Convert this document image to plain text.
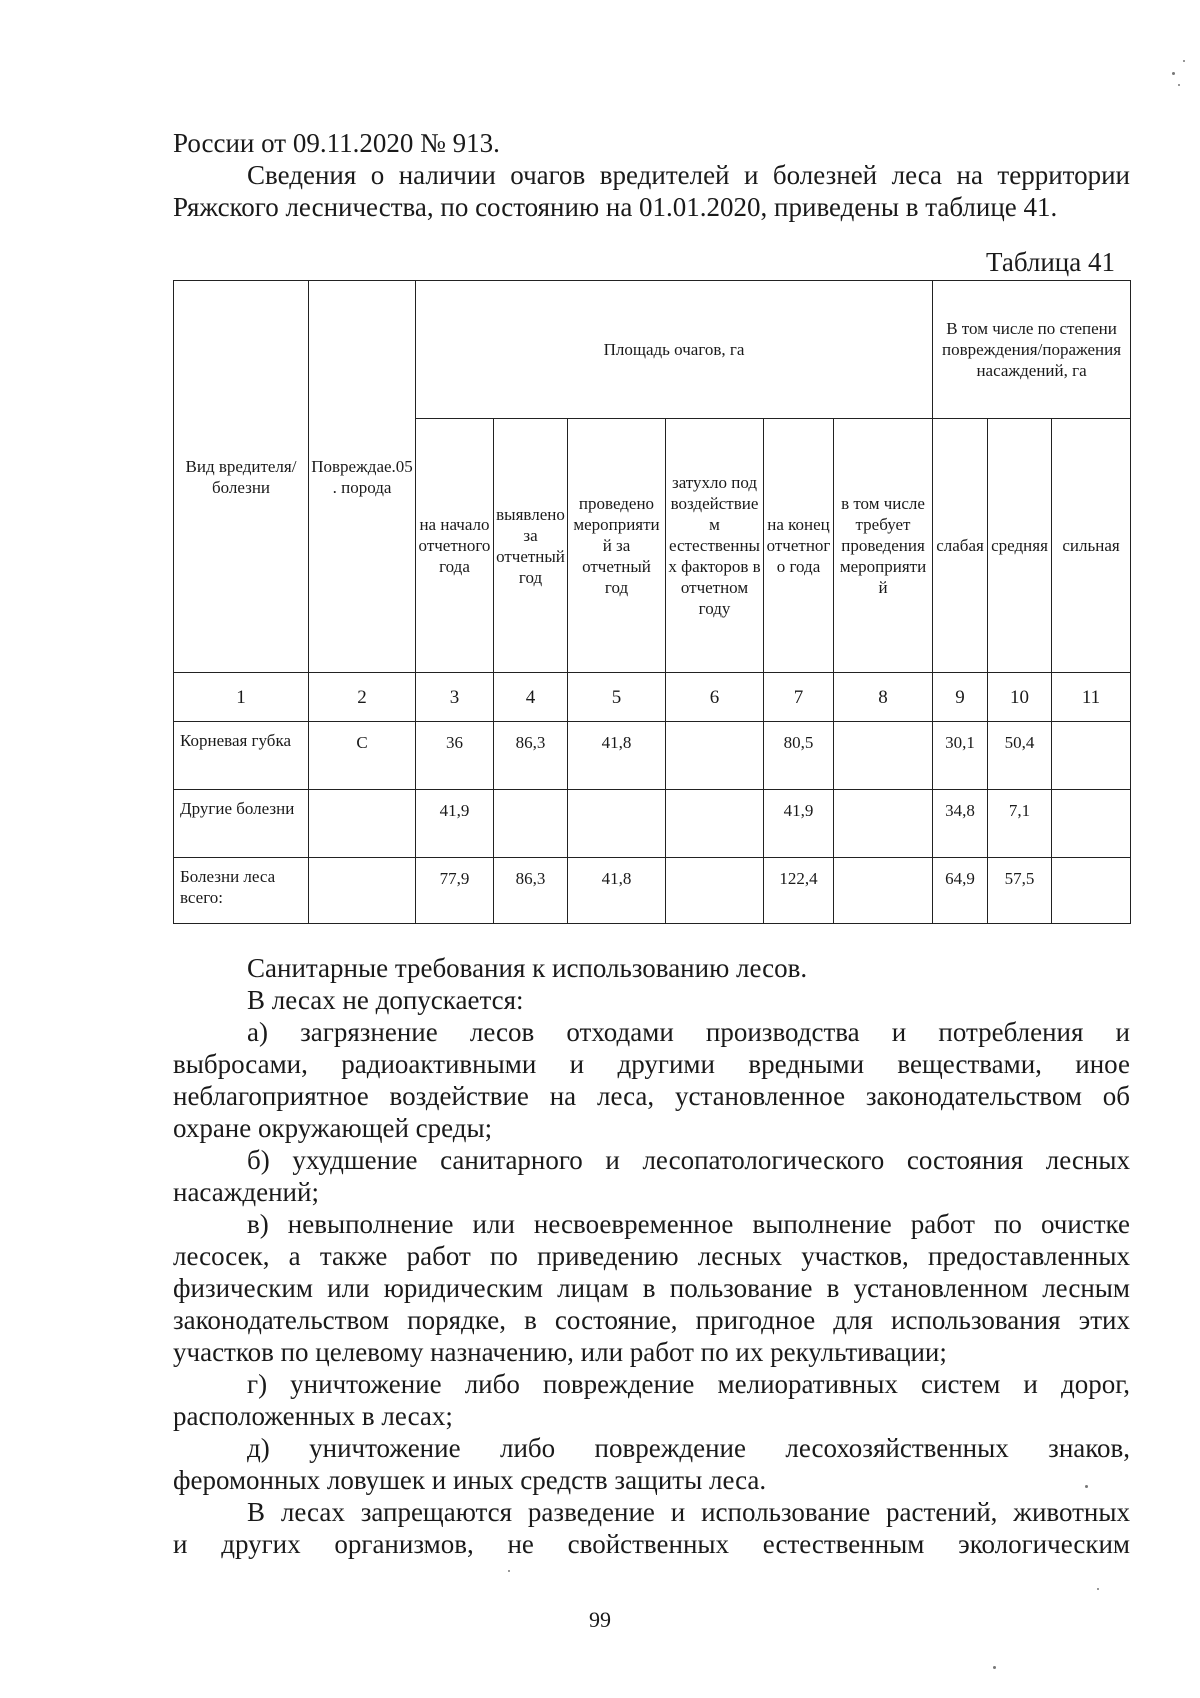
России от 09.11.2020 № 913.
Сведения о наличии очагов вредителей и болезней леса на территории
Ряжского лесничества, по состоянию на 01.01.2020, приведены в таблице 41.
Таблица 41
Вид вредителя/болезни	Повреждае.05. порода	Площадь очагов, га						В том числе по степени повреждения/поражения насаждений, га		
		на начало отчетного года	выявлено за отчетный год	проведено мероприятий за отчетный год	затухло под воздействием естественных факторов в отчетном году	на конец отчетного года	в том числе требует проведения мероприятий	слабая	средняя	сильная
1	2	3	4	5	6	7	8	9	10	11
Корневая губка	С	36	86,3	41,8		80,5		30,1	50,4	
Другие болезни		41,9				41,9		34,8	7,1	
Болезни леса всего:		77,9	86,3	41,8		122,4		64,9	57,5	
Санитарные требования к использованию лесов.
В лесах не допускается:
а) загрязнение лесов отходами производства и потребления и
выбросами, радиоактивными и другими вредными веществами, иное
неблагоприятное воздействие на леса, установленное законодательством об
охране окружающей среды;
б) ухудшение санитарного и лесопатологического состояния лесных
насаждений;
в) невыполнение или несвоевременное выполнение работ по очистке
лесосек, а также работ по приведению лесных участков, предоставленных
физическим или юридическим лицам в пользование в установленном лесным
законодательством порядке, в состояние, пригодное для использования этих
участков по целевому назначению, или работ по их рекультивации;
г) уничтожение либо повреждение мелиоративных систем и дорог,
расположенных в лесах;
д) уничтожение либо повреждение лесохозяйственных знаков,
феромонных ловушек и иных средств защиты леса.
В лесах запрещаются разведение и использование растений, животных
и других организмов, не свойственных естественным экологическим
99
